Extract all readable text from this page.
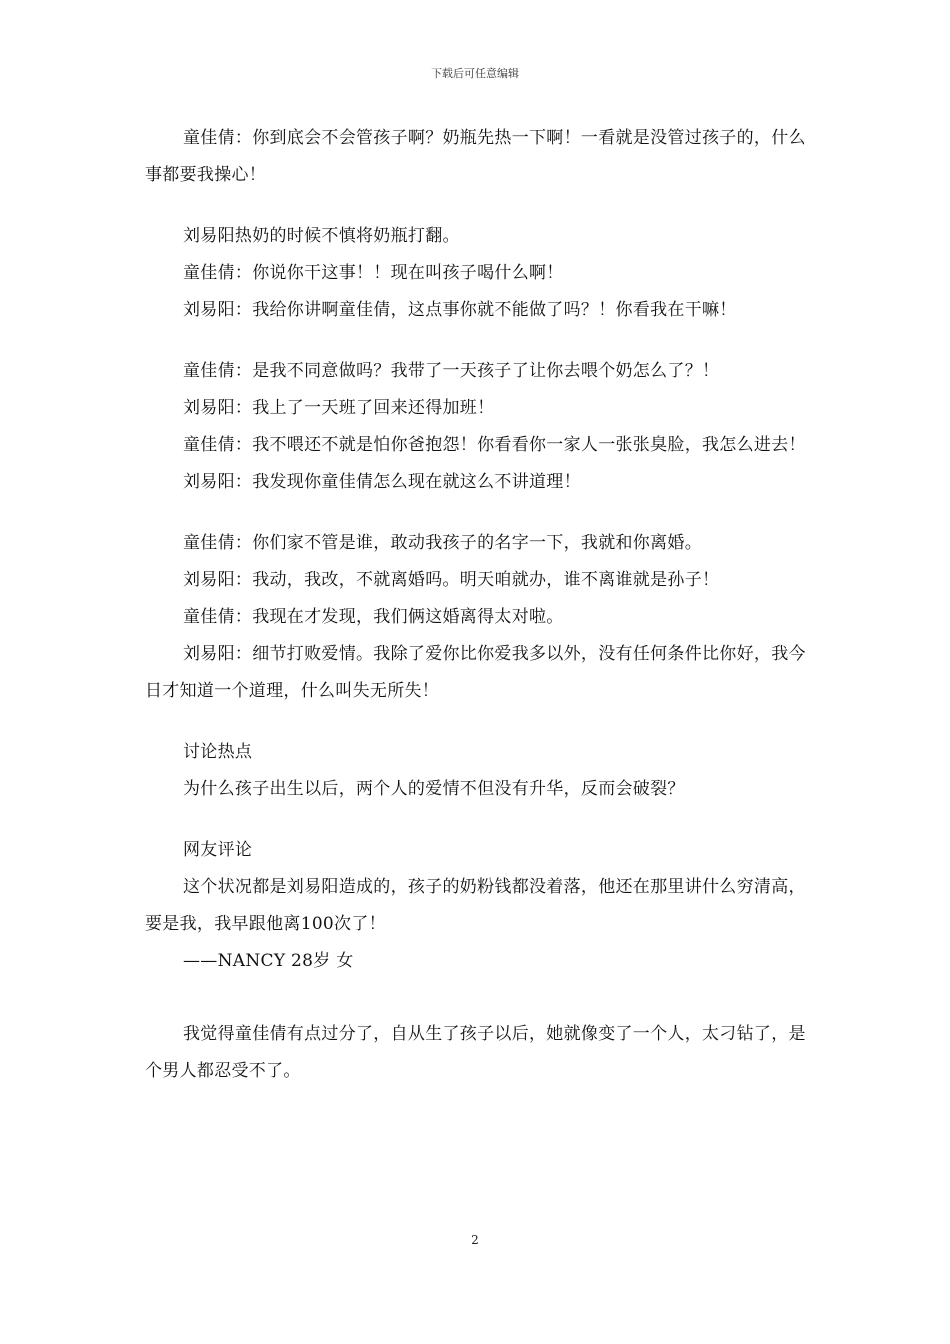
下载后可任意编辑

童佳倩：你到底会不会管孩子啊？奶瓶先热一下啊！一看就是没管过孩子的，什么事都要我操心！

刘易阳热奶的时候不慎将奶瓶打翻。

童佳倩：你说你干这事！！现在叫孩子喝什么啊！

刘易阳：我给你讲啊童佳倩，这点事你就不能做了吗？！你看我在干嘛！

童佳倩：是我不同意做吗？我带了一天孩子了让你去喂个奶怎么了？！

刘易阳：我上了一天班了回来还得加班！

童佳倩：我不喂还不就是怕你爸抱怨！你看看你一家人一张张臭脸，我怎么进去！

刘易阳：我发现你童佳倩怎么现在就这么不讲道理！

童佳倩：你们家不管是谁，敢动我孩子的名字一下，我就和你离婚。

刘易阳：我动，我改，不就离婚吗。明天咱就办，谁不离谁就是孙子！

童佳倩：我现在才发现，我们俩这婚离得太对啦。

刘易阳：细节打败爱情。我除了爱你比你爱我多以外，没有任何条件比你好，我今日才知道一个道理，什么叫失无所失！

讨论热点

为什么孩子出生以后，两个人的爱情不但没有升华，反而会破裂？

网友评论

这个状况都是刘易阳造成的，孩子的奶粉钱都没着落，他还在那里讲什么穷清高，要是我，我早跟他离100次了！

——NANCY 28岁 女

我觉得童佳倩有点过分了，自从生了孩子以后，她就像变了一个人，太刁钻了，是个男人都忍受不了。

2
